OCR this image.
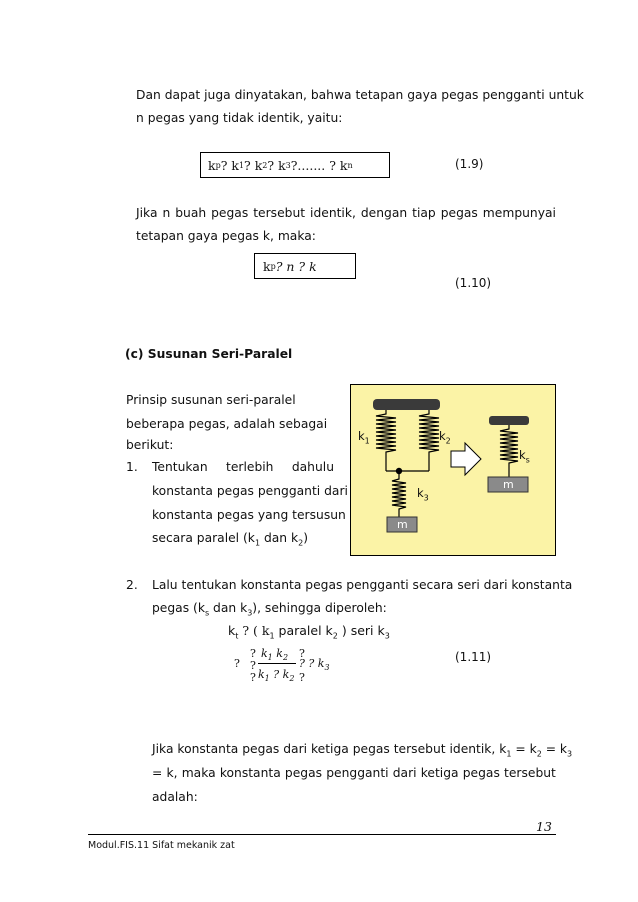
Dan dapat juga dinyatakan, bahwa tetapan gaya pegas pengganti untuk
n pegas yang tidak identik, yaitu:
k p ? k 1 ? k 2 ? k 3 ?....... ? k n	(1.9)
Jika n buah pegas tersebut identik, dengan tiap pegas mempunyai
tetapan gaya pegas k, maka:
k p ? n ? k
(1.10)
(c) Susunan Seri-Paralel
Prinsip susunan seri-paralel
beberapa pegas, adalah sebagai
berikut:
1. Tentukan terlebih dahulu
konstanta pegas pengganti dari
konstanta pegas yang tersusun
secara paralel ($k_1$ dan $k_2$)
$k_1$	$k_2$
$k_3$
$k_s$
m
m
2. Lalu tentukan konstanta pegas pengganti secara seri dari konstanta
pegas ($k_s$ dan $k_3$), sehingga diperoleh:
$k_t$ ? ( $k_1$ paralel $k_2$ ) seri $k_3$
?
?
?
?
$k_1$ $k_2$
$k_1$ ? $k_2$
?
?
? ? $k_3$
(1.11)
Jika konstanta pegas dari ketiga pegas tersebut identik, $k_1 = k_2 = k_3$
= k, maka konstanta pegas pengganti dari ketiga pegas tersebut
adalah:
Modul.FIS.11 Sifat mekanik zat
13
